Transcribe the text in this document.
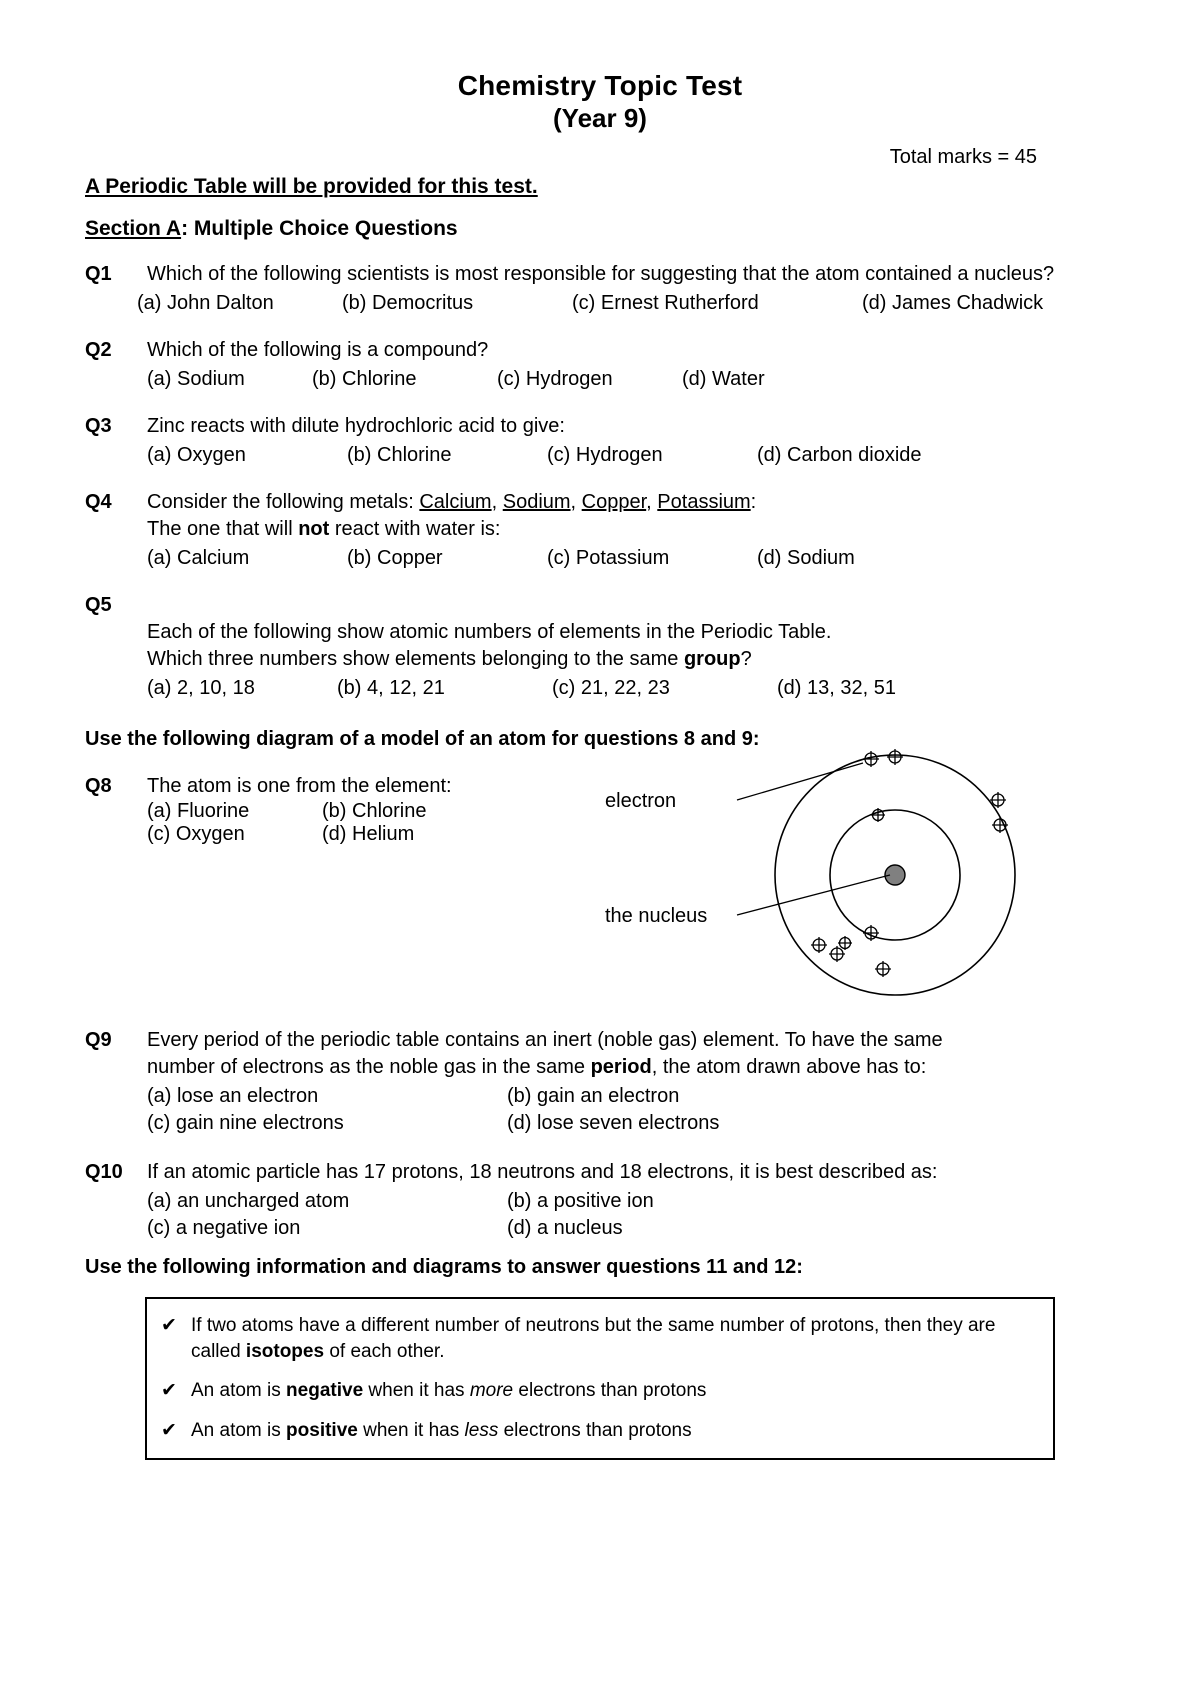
Chemistry Topic Test
(Year 9)
Total marks = 45
A Periodic Table will be provided for this test.
Section A: Multiple Choice Questions
Q1	Which of the following scientists is most responsible for suggesting that the atom contained a nucleus?
(a) John Dalton	(b) Democritus	(c) Ernest Rutherford	(d) James Chadwick
Q2	Which of the following is a compound?
(a) Sodium	(b) Chlorine	(c) Hydrogen	(d) Water
Q3	Zinc reacts with dilute hydrochloric acid to give:
(a) Oxygen	(b) Chlorine	(c) Hydrogen	(d) Carbon dioxide
Q4	Consider the following metals: Calcium, Sodium, Copper, Potassium:
The one that will not react with water is:
(a) Calcium	(b) Copper	(c) Potassium	(d) Sodium
Q5

Each of the following show atomic numbers of elements in the Periodic Table.
Which three numbers show elements belonging to the same group?
(a) 2, 10, 18	(b) 4, 12, 21	(c) 21, 22, 23	(d) 13, 32, 51
Use the following diagram of a model of an atom for questions 8 and 9:
Q8	The atom is one from the element:
(a) Fluorine	(b) Chlorine
(c) Oxygen	(d) Helium
electron
the nucleus
Q9	Every period of the periodic table contains an inert (noble gas) element. To have the same
number of electrons as the noble gas in the same period, the atom drawn above has to:
(a) lose an electron	(b) gain an electron
(c) gain nine electrons	(d) lose seven electrons
Q10	If an atomic particle has 17 protons, 18 neutrons and 18 electrons, it is best described as:
(a) an uncharged atom	(b) a positive ion
(c) a negative ion	(d) a nucleus
Use the following information and diagrams to answer questions 11 and 12:
✔ If two atoms have a different number of neutrons but the same number of protons, then they are called isotopes of each other.
✔ An atom is negative when it has more electrons than protons
✔ An atom is positive when it has less electrons than protons
